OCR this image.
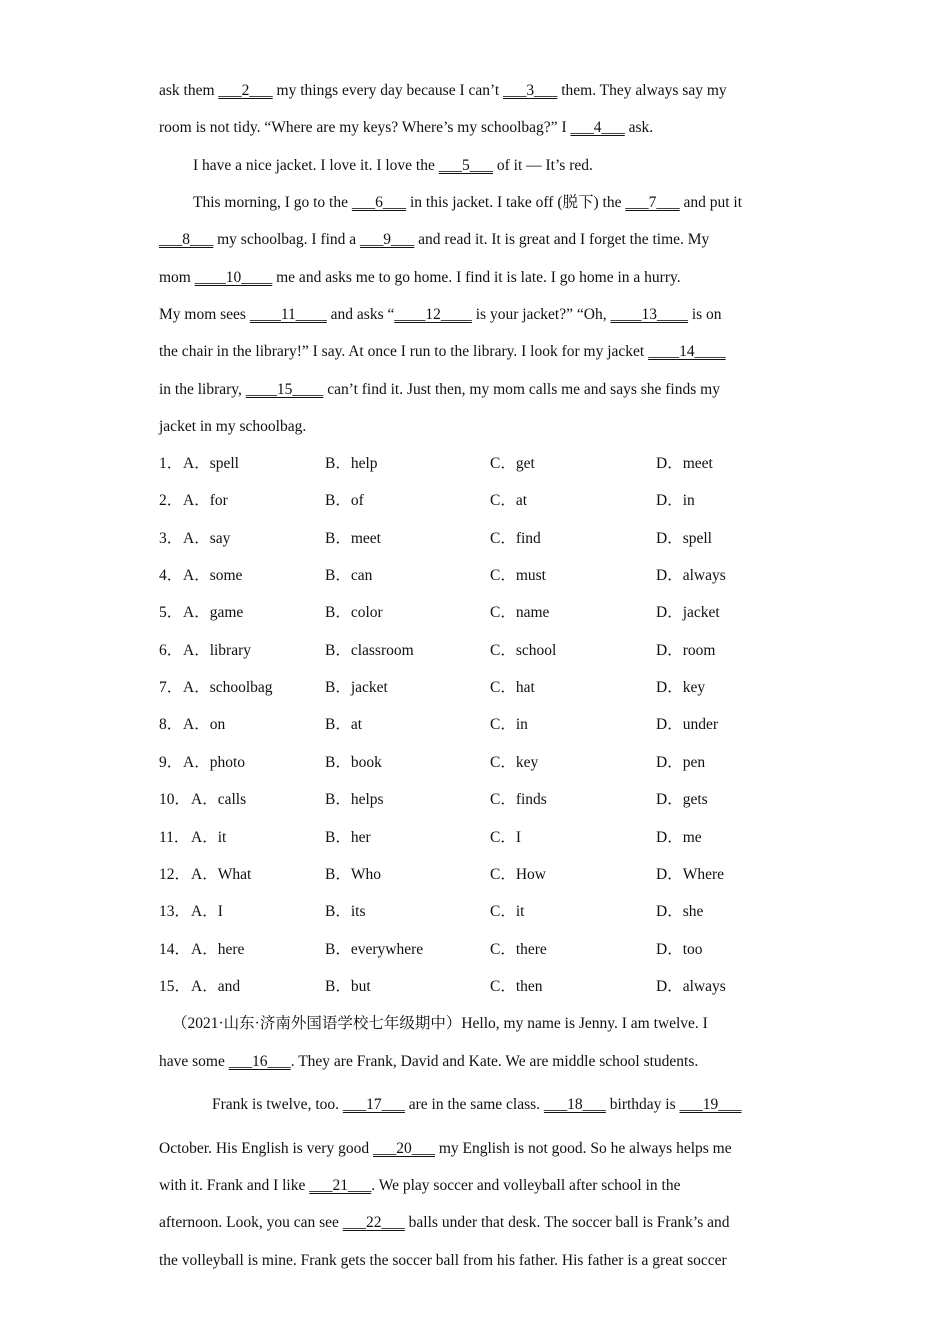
ask them ___2___ my things every day because I can’t ___3___ them. They always say my
room is not tidy. “Where are my keys? Where’s my schoolbag?” I ___4___ ask.
I have a nice jacket. I love it. I love the ___5___ of it — It’s red.
This morning, I go to the ___6___ in this jacket. I take off (脱下) the ___7___ and put it
___8___ my schoolbag. I find a ___9___ and read it. It is great and I forget the time. My
mom ____10____ me and asks me to go home. I find it is late. I go home in a hurry.
My mom sees ____11____ and asks “____12____ is your jacket?” “Oh, ____13____ is on
the chair in the library!” I say. At once I run to the library. I look for my jacket ____14____
in the library, ____15____ can’t find it. Just then, my mom calls me and says she finds my
jacket in my schoolbag.
1． A．spell	B．help	C．get	D．meet
2． A．for	B．of	C．at	D．in
3． A．say	B．meet	C．find	D．spell
4． A．some	B．can	C．must	D．always
5． A．game	B．color	C．name	D．jacket
6． A．library	B．classroom	C．school	D．room
7． A．schoolbag	B．jacket	C．hat	D．key
8． A．on	B．at	C．in	D．under
9． A．photo	B．book	C．key	D．pen
10． A．calls	B．helps	C．finds	D．gets
11． A．it	B．her	C．I	D．me
12． A．What	B．Who	C．How	D．Where
13． A．I	B．its	C．it	D．she
14． A．here	B．everywhere	C．there	D．too
15． A．and	B．but	C．then	D．always
（2021·山东·济南外国语学校七年级期中）Hello, my name is Jenny. I am twelve. I
have some ___16___. They are Frank, David and Kate. We are middle school students.
Frank is twelve, too. ___17___ are in the same class. ___18___ birthday is ___19___
October. His English is very good ___20___ my English is not good. So he always helps me
with it. Frank and I like ___21___. We play soccer and volleyball after school in the
afternoon. Look, you can see ___22___ balls under that desk. The soccer ball is Frank’s and
the volleyball is mine. Frank gets the soccer ball from his father. His father is a great soccer
